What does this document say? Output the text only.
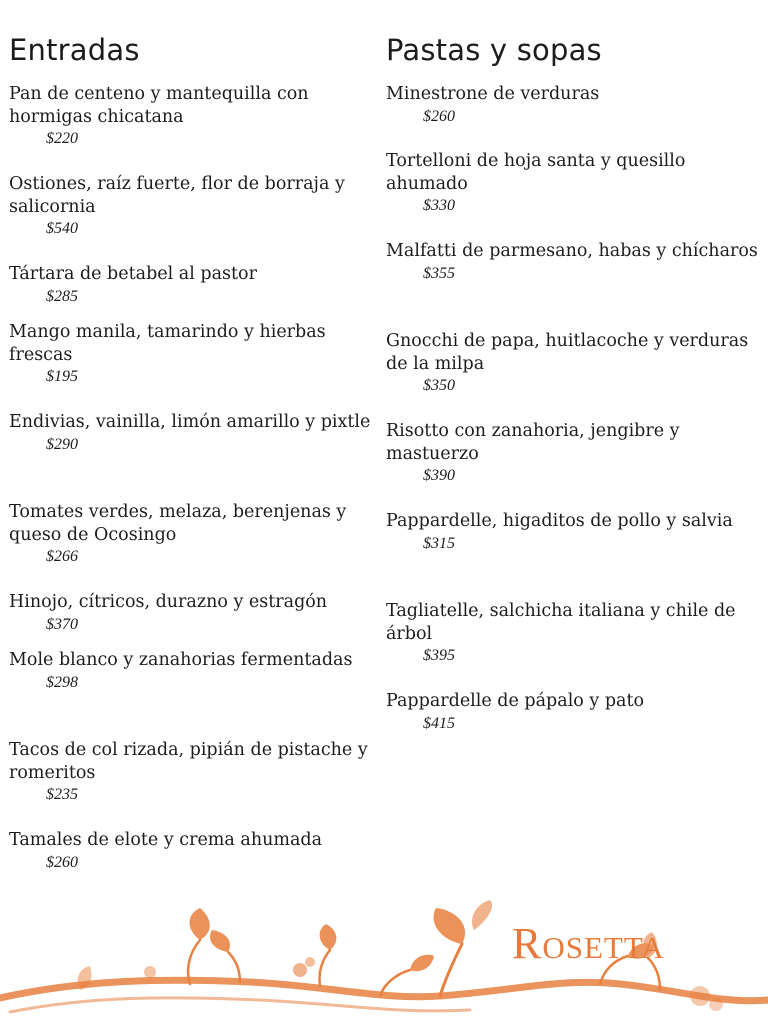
Entradas
Pan de centeno y mantequilla con hormigas chicatana
$220
Ostiones, raíz fuerte, flor de borraja y salicornia
$540
Tártara de betabel al pastor
$285
Mango manila, tamarindo y hierbas frescas
$195
Endivias, vainilla, limón amarillo y pixtle
$290
Tomates verdes, melaza, berenjenas y queso de Ocosingo
$266
Hinojo, cítricos, durazno y estragón
$370
Mole blanco y zanahorias fermentadas
$298
Tacos de col rizada, pipián de pistache y romeritos
$235
Tamales de elote y crema ahumada
$260
Pastas y sopas
Minestrone de verduras
$260
Tortelloni de hoja santa y quesillo ahumado
$330
Malfatti de parmesano, habas y chícharos
$355
Gnocchi de papa, huitlacoche y verduras de la milpa
$350
Risotto con zanahoria, jengibre y mastuerzo
$390
Pappardelle, higaditos de pollo y salvia
$315
Tagliatelle, salchicha italiana y chile de árbol
$395
Pappardelle de pápalo y pato
$415
Rosetta
